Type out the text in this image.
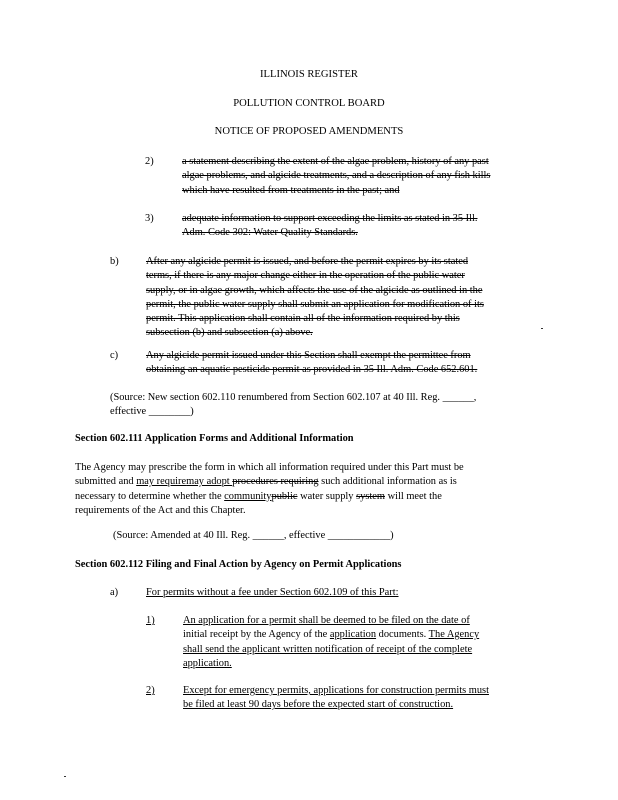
ILLINOIS REGISTER
POLLUTION CONTROL BOARD
NOTICE OF PROPOSED AMENDMENTS
2)	a statement describing the extent of the algae problem, history of any past
algae problems, and algicide treatments, and a description of any fish kills
which have resulted from treatments in the past; and
3)	adequate information to support exceeding the limits as stated in 35 Ill.
Adm. Code 302: Water Quality Standards.
b)	After any algicide permit is issued, and before the permit expires by its stated
terms, if there is any major change either in the operation of the public water
supply, or in algae growth, which affects the use of the algicide as outlined in the
permit, the public water supply shall submit an application for modification of its
permit. This application shall contain all of the information required by this
subsection (b) and subsection (a) above.
c)	Any algicide permit issued under this Section shall exempt the permittee from
obtaining an aquatic pesticide permit as provided in 35 Ill. Adm. Code 652.601.
(Source: New section 602.110 renumbered from Section 602.107 at 40 Ill. Reg. ______,
effective ________)
Section 602.111 Application Forms and Additional Information
The Agency may prescribe the form in which all information required under this Part must be
submitted and may requiremay adopt procedures requiring such additional information as is
necessary to determine whether the communitypublic water supply system will meet the
requirements of the Act and this Chapter.
(Source: Amended at 40 Ill. Reg. ______, effective ____________)
Section 602.112 Filing and Final Action by Agency on Permit Applications
a)	For permits without a fee under Section 602.109 of this Part:
1)	An application for a permit shall be deemed to be filed on the date of
initial receipt by the Agency of the application documents. The Agency
shall send the applicant written notification of receipt of the complete
application.
2)	Except for emergency permits, applications for construction permits must
be filed at least 90 days before the expected start of construction.
